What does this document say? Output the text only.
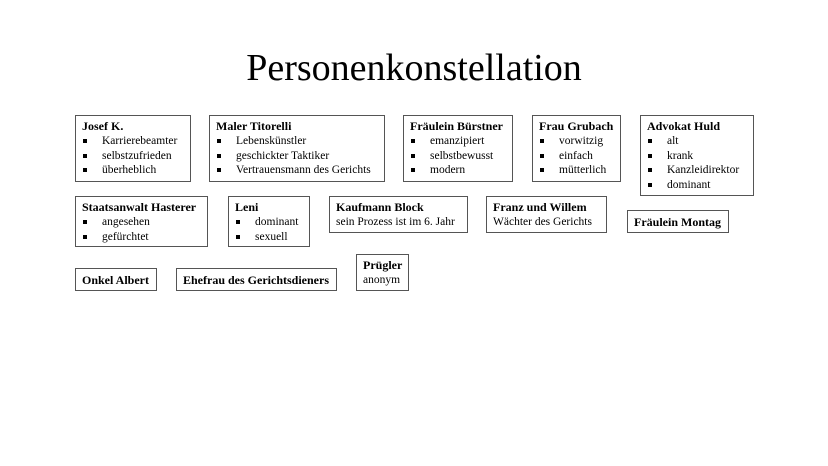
Personenkonstellation
Josef K.
Karrierebeamter
selbstzufrieden
überheblich
Maler Titorelli
Lebenskünstler
geschickter Taktiker
Vertrauensmann des Gerichts
Fräulein Bürstner
emanzipiert
selbstbewusst
modern
Frau Grubach
vorwitzig
einfach
mütterlich
Advokat Huld
alt
krank
Kanzleidirektor
dominant
Staatsanwalt Hasterer
angesehen
gefürchtet
Leni
dominant
sexuell
Kaufmann Block
sein Prozess ist im 6. Jahr
Franz und Willem
Wächter des Gerichts	Fräulein Montag
Onkel Albert	Ehefrau des Gerichtsdieners
Prügler
anonym
